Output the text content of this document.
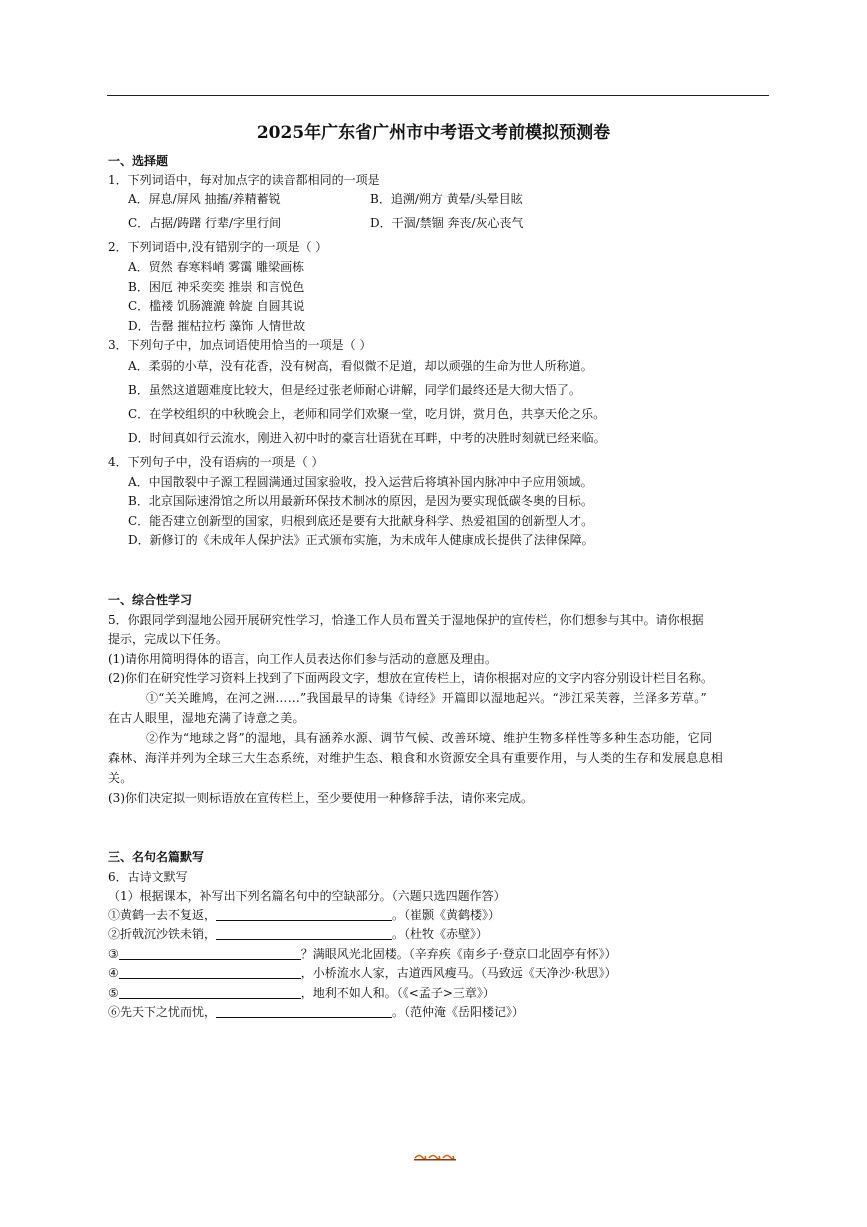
2025年广东省广州市中考语文考前模拟预测卷
一、选择题
1．下列词语中，每对加点字的读音都相同的一项是
A．屏息/屏风 抽搐/养精蓄锐	B．追溯/朔方 黄晕/头晕目眩
C．占据/踌躇 行辈/字里行间	D．干涸/禁锢 奔丧/灰心丧气
2．下列词语中,没有错别字的一项是（ ）
A．贸然 春寒料峭 雾霭 雕梁画栋
B．困厄 神采奕奕 推崇 和言悦色
C．槛褛 饥肠漉漉 斡旋 自圆其说
D．告罄 摧枯拉朽 藻饰 人情世故
3．下列句子中，加点词语使用恰当的一项是（ ）
A．柔弱的小草，没有花香，没有树高，看似微不足道，却以顽强的生命为世人所称道。
B．虽然这道题难度比较大，但是经过张老师耐心讲解，同学们最终还是大彻大悟了。
C．在学校组织的中秋晚会上，老师和同学们欢聚一堂，吃月饼，赏月色，共享天伦之乐。
D．时间真如行云流水，刚进入初中时的豪言壮语犹在耳畔，中考的决胜时刻就已经来临。
4．下列句子中，没有语病的一项是（ ）
A．中国散裂中子源工程圆满通过国家验收，投入运营后将填补国内脉冲中子应用领域。
B．北京国际速滑馆之所以用最新环保技术制冰的原因，是因为要实现低碳冬奥的目标。
C．能否建立创新型的国家，归根到底还是要有大批献身科学、热爱祖国的创新型人才。
D．新修订的《未成年人保护法》正式颁布实施，为未成年人健康成长提供了法律保障。
一、综合性学习
5．你跟同学到湿地公园开展研究性学习，恰逢工作人员布置关于湿地保护的宣传栏，你们想参与其中。请你根据
提示，完成以下任务。
(1)请你用简明得体的语言，向工作人员表达你们参与活动的意愿及理由。
(2)你们在研究性学习资料上找到了下面两段文字，想放在宣传栏上，请你根据对应的文字内容分别设计栏目名称。
①“关关雎鸠，在河之洲……”我国最早的诗集《诗经》开篇即以湿地起兴。“涉江采芙蓉，兰泽多芳草。”
在古人眼里，湿地充满了诗意之美。
②作为“地球之肾”的湿地，具有涵养水源、调节气候、改善环境、维护生物多样性等多种生态功能，它同
森林、海洋并列为全球三大生态系统，对维护生态、粮食和水资源安全具有重要作用，与人类的生存和发展息息相
关。
(3)你们决定拟一则标语放在宣传栏上，至少要使用一种修辞手法，请你来完成。
三、名句名篇默写
6．古诗文默写
（1）根据课本，补写出下列名篇名句中的空缺部分。（六题只选四题作答）
①黄鹤一去不复返，	。（崔颢《黄鹤楼》）
②折戟沉沙铁未销，	。（杜牧《赤壁》）
③	？满眼风光北固楼。（辛弃疾《南乡子·登京口北固亭有怀》）
④	，小桥流水人家，古道西风瘦马。（马致远《天净沙·秋思》）
⑤	，地利不如人和。（《<孟子>三章》）
⑥先天下之忧而忧，	。（范仲淹《岳阳楼记》）
